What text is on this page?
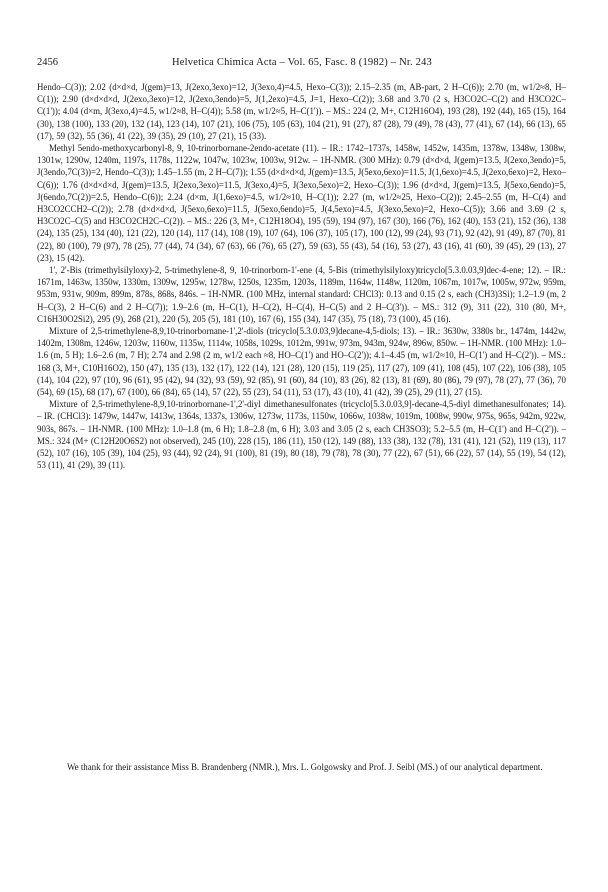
2456	Helvetica Chimica Acta – Vol. 65, Fasc. 8 (1982) – Nr. 243

Hendo–C(3)); 2.02 (d×d×d, J(gem)=13, J(2exo,3exo)=12, J(3exo,4)=4.5, Hexo–C(3)); 2.15–2.35 (m, AB-part, 2 H–C(6)); 2.70 (m, w1/2≈8, H–C(1)); 2.90 (d×d×d×d, J(2exo,3exo)=12, J(2exo,3endo)=5, J(1,2exo)=4.5, J=1, Hexo–C(2)); 3.68 and 3.70 (2 s, H3CO2C–C(2) and H3CO2C–C(1')); 4.04 (d×m, J(3exo,4)=4.5, w1/2≈8, H–C(4)); 5.58 (m, w1/2≈5, H–C(1')). – MS.: 224 (2, M+, C12H16O4), 193 (28), 192 (44), 165 (15), 164 (30), 138 (100), 133 (20), 132 (14), 123 (14), 107 (21), 106 (75), 105 (63), 104 (21), 91 (27), 87 (28), 79 (49), 78 (43), 77 (41), 67 (14), 66 (13), 65 (17), 59 (32), 55 (36), 41 (22), 39 (35), 29 (10), 27 (21), 15 (33).

Methyl 5endo-methoxycarbonyl-8, 9, 10-trinorbornane-2endo-acetate (11). – IR.: 1742–1737s, 1458w, 1452w, 1435m, 1378w, 1348w, 1308w, 1301w, 1290w, 1240m, 1197s, 1178s, 1122w, 1047w, 1023w, 1003w, 912w. – 1H-NMR. (300 MHz): 0.79 (d×d×d, J(gem)=13.5, J(2exo,3endo)=5, J(3endo,7C(3))=2, Hendo–C(3)); 1.45–1.55 (m, 2 H–C(7)); 1.55 (d×d×d×d, J(gem)=13.5, J(5exo,6exo)=11.5, J(1,6exo)=4.5, J(2exo,6exo)=2, Hexo–C(6)); 1.76 (d×d×d×d, J(gem)=13.5, J(2exo,3exo)=11.5, J(3exo,4)=5, J(3exo,5exo)=2, Hexo–C(3)); 1.96 (d×d×d, J(gem)=13.5, J(5exo,6endo)=5, J(6endo,7C(2))=2.5, Hendo–C(6)); 2.24 (d×m, J(1,6exo)=4.5, w1/2≈10, H–C(1)); 2.27 (m, w1/2≈25, Hexo–C(2)); 2.45–2.55 (m, H–C(4) and H3CO2CCH2–C(2)); 2.78 (d×d×d×d, J(5exo,6exo)=11.5, J(5exo,6endo)=5, J(4,5exo)=4.5, J(3exo,5exo)=2, Hexo–C(5)); 3.66 and 3.69 (2 s, H3CO2C–C(5) and H3CO2CH2C–C(2)). – MS.: 226 (3, M+, C12H18O4), 195 (59), 194 (97), 167 (30), 166 (76), 162 (40), 153 (21), 152 (36), 138 (24), 135 (25), 134 (40), 121 (22), 120 (14), 117 (14), 108 (19), 107 (64), 106 (37), 105 (17), 100 (12), 99 (24), 93 (71), 92 (42), 91 (49), 87 (70), 81 (22), 80 (100), 79 (97), 78 (25), 77 (44), 74 (34), 67 (63), 66 (76), 65 (27), 59 (63), 55 (43), 54 (16), 53 (27), 43 (16), 41 (60), 39 (45), 29 (13), 27 (23), 15 (42).

1', 2'-Bis (trimethylsilyloxy)-2, 5-trimethylene-8, 9, 10-trinorborn-1'-ene (4, 5-Bis (trimethylsilyloxy)tricyclo[5.3.0.03,9]dec-4-ene; 12). – IR.: 1671m, 1463w, 1350w, 1330m, 1309w, 1295w, 1278w, 1250s, 1235m, 1203s, 1189m, 1164w, 1148w, 1120m, 1067m, 1017w, 1005w, 972w, 959m, 953m, 931w, 909m, 899m, 878s, 868s, 846s. – 1H-NMR. (100 MHz, internal standard: CHCl3): 0.13 and 0.15 (2 s, each (CH3)3Si); 1.2–1.9 (m, 2 H–C(3), 2 H–C(6) and 2 H–C(7)); 1.9–2.6 (m, H–C(1), H–C(2), H–C(4), H–C(5) and 2 H–C(3')). – MS.: 312 (9), 311 (22), 310 (80, M+, C16H30O2Si2), 295 (9), 268 (21), 220 (5), 205 (5), 181 (10), 167 (6), 155 (34), 147 (35), 75 (18), 73 (100), 45 (16).

Mixture of 2,5-trimethylene-8,9,10-trinorbornane-1',2'-diols (tricyclo[5.3.0.03,9]decane-4,5-diols; 13). – IR.: 3630w, 3380s br., 1474m, 1442w, 1402m, 1308m, 1246w, 1203w, 1160w, 1135w, 1114w, 1058s, 1029s, 1012m, 991w, 973m, 943m, 924w, 896w, 850w. – 1H-NMR. (100 MHz): 1.0–1.6 (m, 5 H); 1.6–2.6 (m, 7 H); 2.74 and 2.98 (2 m, w1/2 each ≈8, HO–C(1') and HO–C(2')); 4.1–4.45 (m, w1/2≈10, H–C(1') and H–C(2')). – MS.: 168 (3, M+, C10H16O2), 150 (47), 135 (13), 132 (17), 122 (14), 121 (28), 120 (15), 119 (25), 117 (27), 109 (41), 108 (45), 107 (22), 106 (38), 105 (14), 104 (22), 97 (10), 96 (61), 95 (42), 94 (32), 93 (59), 92 (85), 91 (60), 84 (10), 83 (26), 82 (13), 81 (69), 80 (86), 79 (97), 78 (27), 77 (36), 70 (54), 69 (15), 68 (17), 67 (100), 66 (84), 65 (14), 57 (22), 55 (23), 54 (11), 53 (17), 43 (10), 41 (42), 39 (25), 29 (11), 27 (15).

Mixture of 2,5-trimethylene-8,9,10-trinorbornane-1',2'-diyl dimethanesulfonates (tricyclo[5.3.0.03,9]-decane-4,5-diyl dimethanesulfonates; 14). – IR. (CHCl3): 1479w, 1447w, 1413w, 1364s, 1337s, 1306w, 1273w, 1173s, 1150w, 1066w, 1038w, 1019m, 1008w, 990w, 975s, 965s, 942m, 922w, 903s, 867s. – 1H-NMR. (100 MHz): 1.0–1.8 (m, 6 H); 1.8–2.8 (m, 6 H); 3.03 and 3.05 (2 s, each CH3SO3); 5.2–5.5 (m, H–C(1') and H–C(2')). – MS.: 324 (M+ (C12H20O6S2) not observed), 245 (10), 228 (15), 186 (11), 150 (12), 149 (88), 133 (38), 132 (78), 131 (41), 121 (52), 119 (13), 117 (52), 107 (16), 105 (39), 104 (25), 93 (44), 92 (24), 91 (100), 81 (19), 80 (18), 79 (78), 78 (30), 77 (22), 67 (51), 66 (22), 57 (14), 55 (19), 54 (12), 53 (11), 41 (29), 39 (11).

We thank for their assistance Miss B. Brandenberg (NMR.), Mrs. L. Golgowsky and Prof. J. Seibl (MS.) of our analytical department.
